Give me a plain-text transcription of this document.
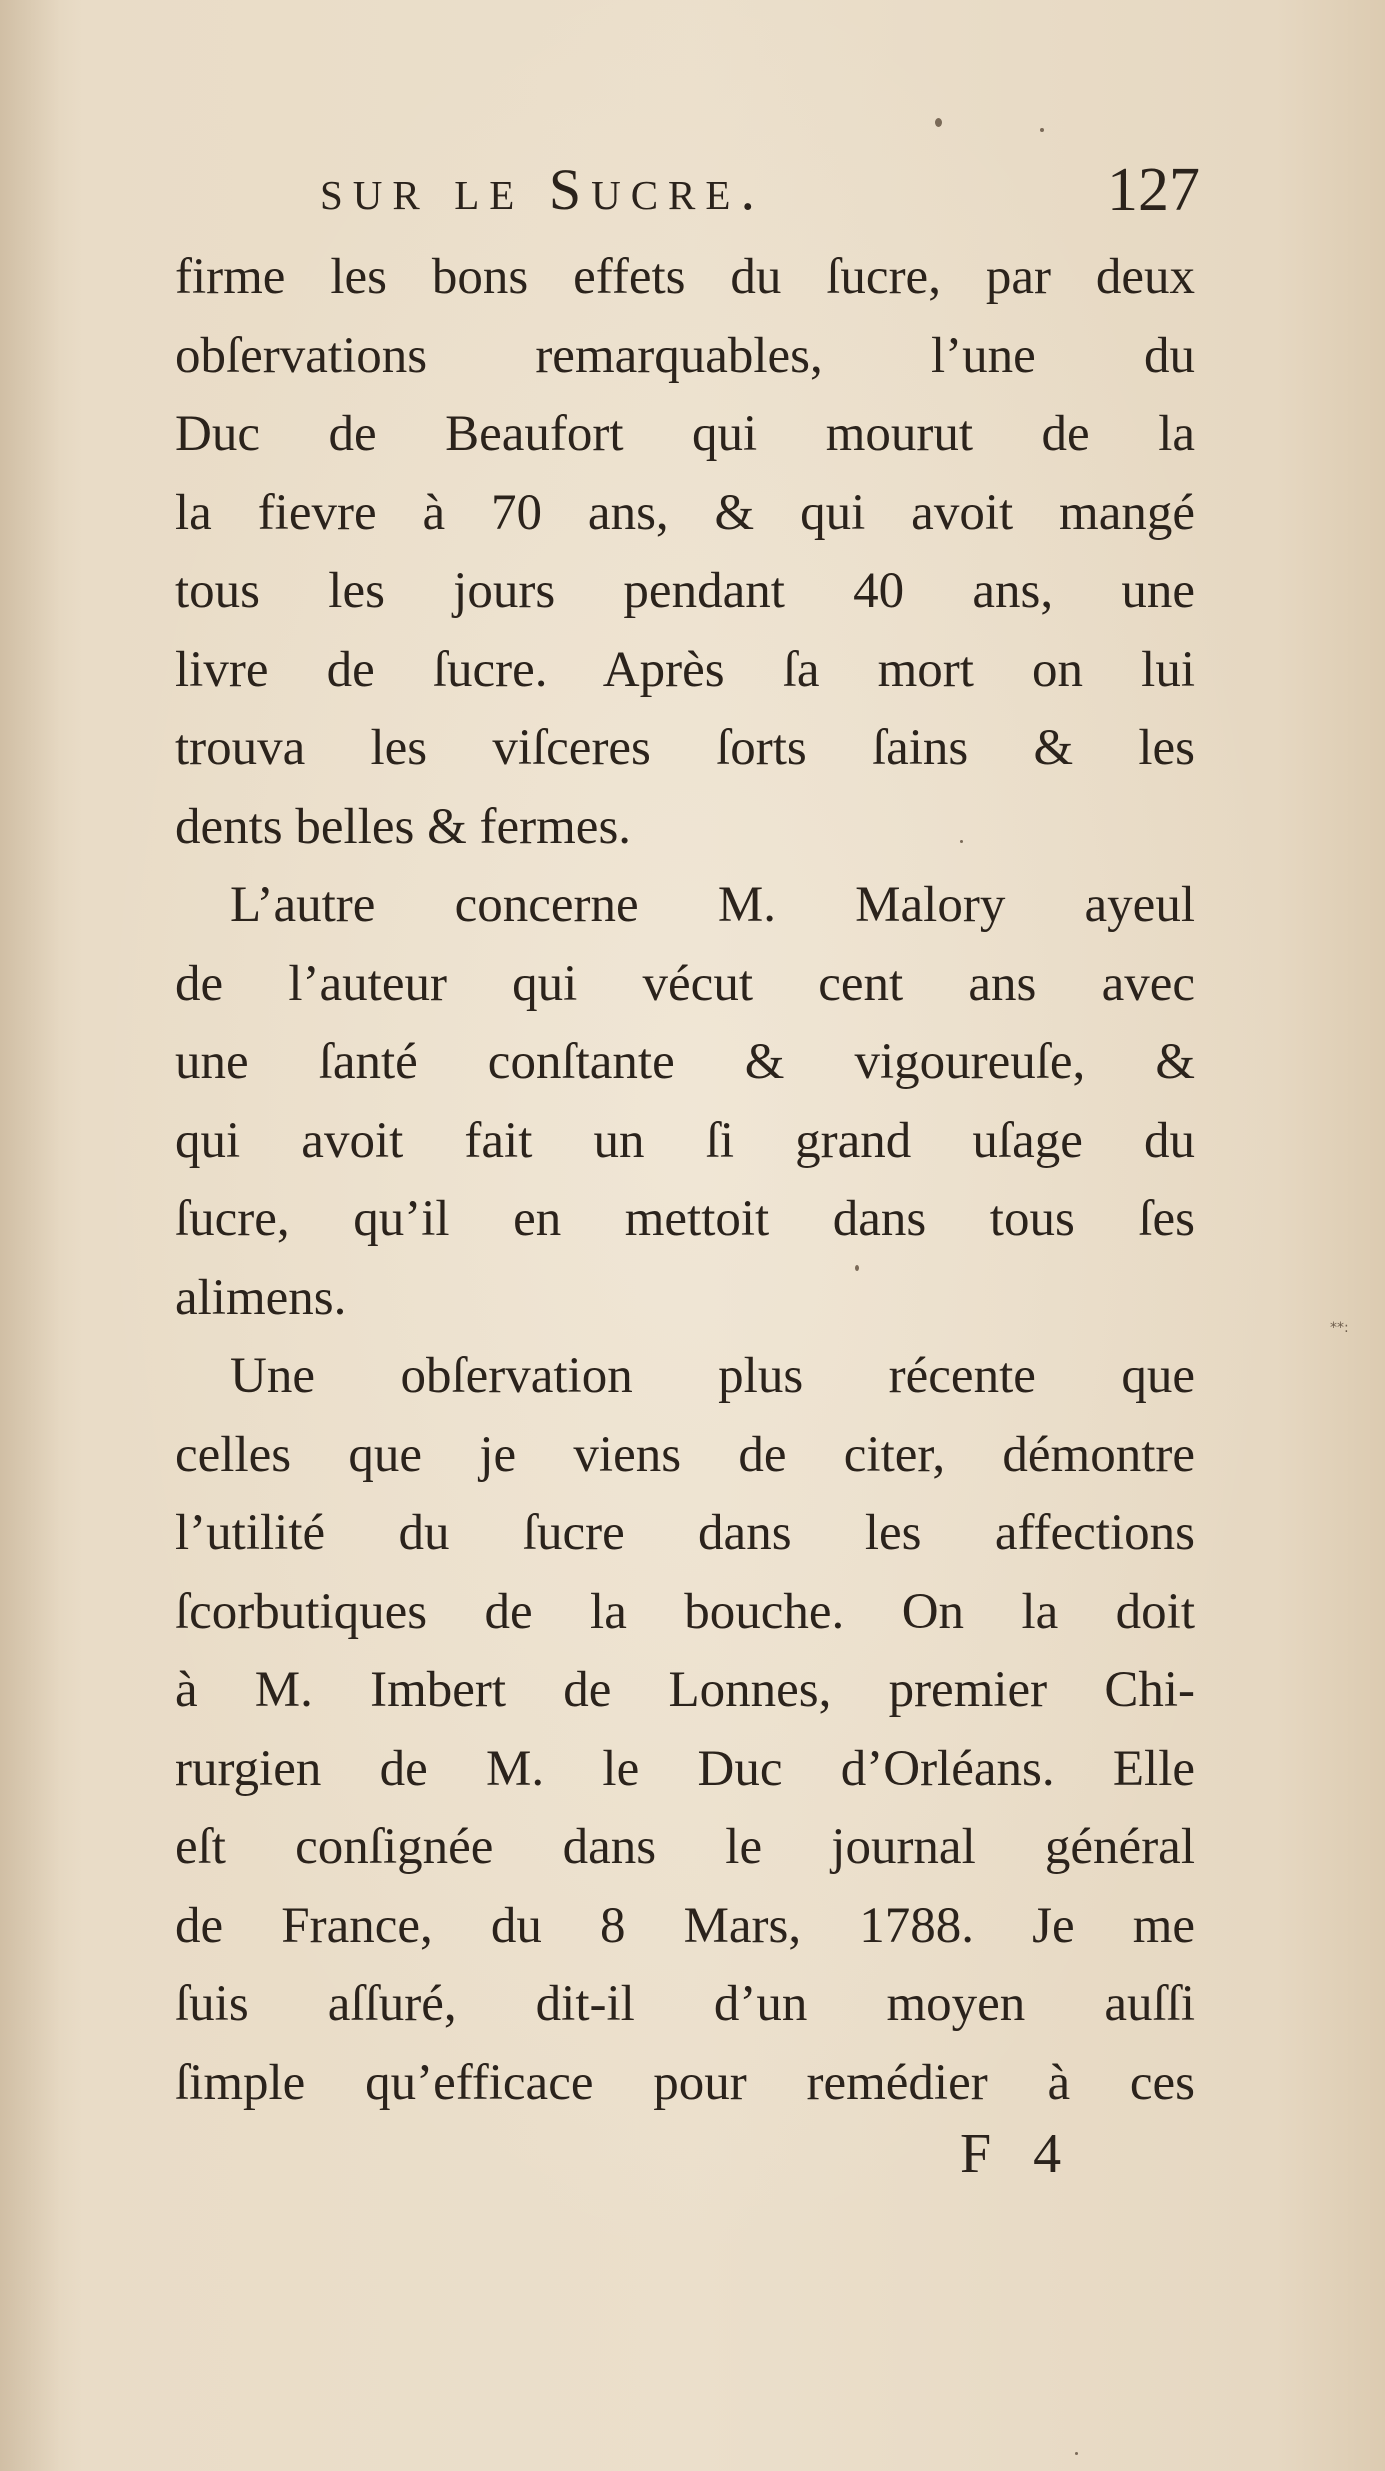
sur le Sucre.	127
firme les bons effets du ſucre, par deux
obſervations remarquables, l’une du
Duc de Beaufort qui mourut de la
la fievre à 70 ans, & qui avoit mangé
tous les jours pendant 40 ans, une
livre de ſucre. Après ſa mort on lui
trouva les viſceres ſorts ſains & les
dents belles & fermes.
L’autre concerne M. Malory ayeul
de l’auteur qui vécut cent ans avec
une ſanté conſtante & vigoureuſe, &
qui avoit fait un ſi grand uſage du
ſucre, qu’il en mettoit dans tous ſes
alimens.
Une obſervation plus récente que
celles que je viens de citer, démontre
l’utilité du ſucre dans les affections
ſcorbutiques de la bouche. On la doit
à M. Imbert de Lonnes, premier Chi-
rurgien de M. le Duc d’Orléans. Elle
eſt conſignée dans le journal général
de France, du 8 Mars, 1788. Je me
ſuis aſſuré, dit-il d’un moyen auſſi
ſimple qu’efficace pour remédier à ces
F 4
**:
